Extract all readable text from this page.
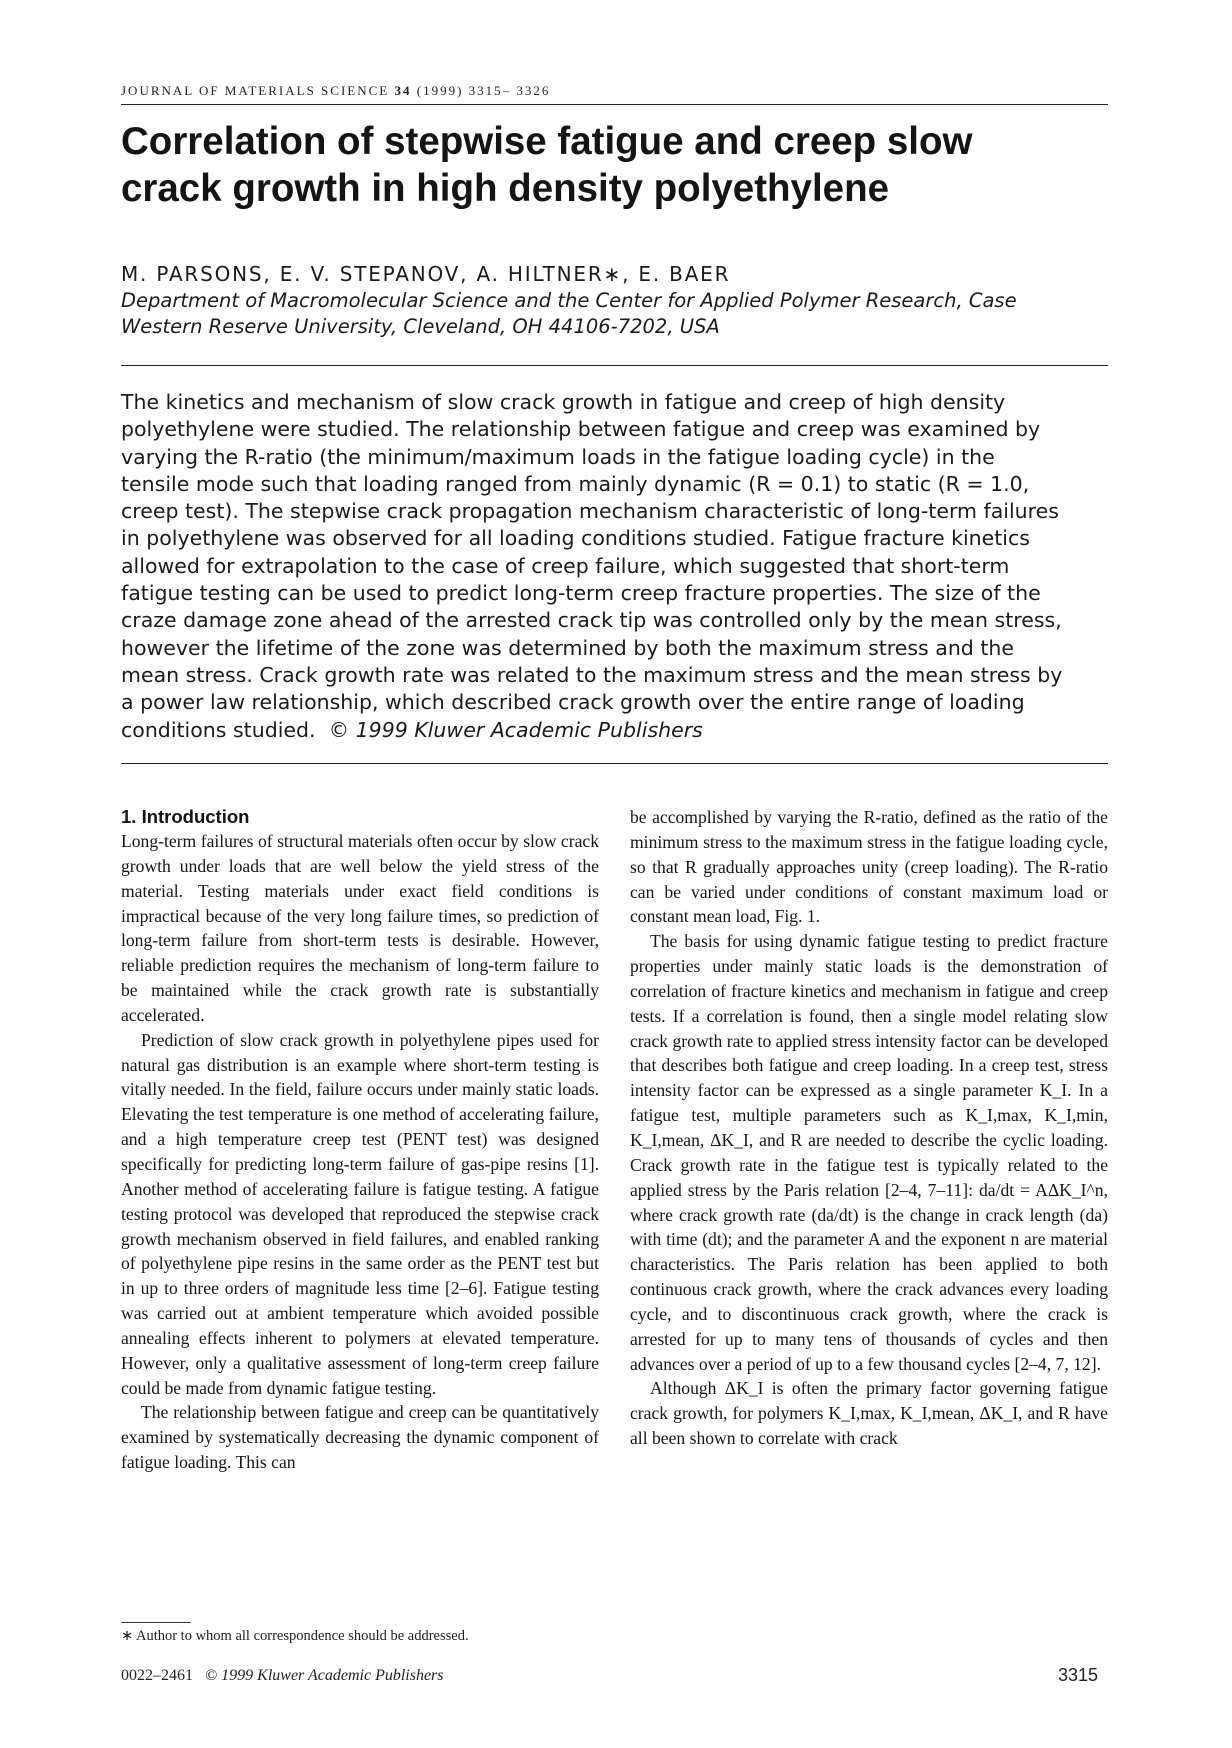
JOURNAL OF MATERIALS SCIENCE 34 (1999) 3315– 3326
Correlation of stepwise fatigue and creep slow
crack growth in high density polyethylene
M. PARSONS, E. V. STEPANOV, A. HILTNER∗, E. BAER
Department of Macromolecular Science and the Center for Applied Polymer Research, Case
Western Reserve University, Cleveland, OH 44106-7202, USA
The kinetics and mechanism of slow crack growth in fatigue and creep of high density
polyethylene were studied. The relationship between fatigue and creep was examined by
varying the R-ratio (the minimum/maximum loads in the fatigue loading cycle) in the
tensile mode such that loading ranged from mainly dynamic (R = 0.1) to static (R = 1.0,
creep test). The stepwise crack propagation mechanism characteristic of long-term failures
in polyethylene was observed for all loading conditions studied. Fatigue fracture kinetics
allowed for extrapolation to the case of creep failure, which suggested that short-term
fatigue testing can be used to predict long-term creep fracture properties. The size of the
craze damage zone ahead of the arrested crack tip was controlled only by the mean stress,
however the lifetime of the zone was determined by both the maximum stress and the
mean stress. Crack growth rate was related to the maximum stress and the mean stress by
a power law relationship, which described crack growth over the entire range of loading
conditions studied. © 1999 Kluwer Academic Publishers
1. Introduction

Long-term failures of structural materials often occur by slow crack growth under loads that are well below the yield stress of the material. Testing materials under exact field conditions is impractical because of the very long failure times, so prediction of long-term failure from short-term tests is desirable. However, reliable prediction requires the mechanism of long-term failure to be maintained while the crack growth rate is substantially accelerated.

Prediction of slow crack growth in polyethylene pipes used for natural gas distribution is an example where short-term testing is vitally needed. In the field, failure occurs under mainly static loads. Elevating the test temperature is one method of accelerating failure, and a high temperature creep test (PENT test) was designed specifically for predicting long-term failure of gas-pipe resins [1]. Another method of accelerating failure is fatigue testing. A fatigue testing protocol was developed that reproduced the stepwise crack growth mechanism observed in field failures, and enabled ranking of polyethylene pipe resins in the same order as the PENT test but in up to three orders of magnitude less time [2–6]. Fatigue testing was carried out at ambient temperature which avoided possible annealing effects inherent to polymers at elevated temperature. However, only a qualitative assessment of long-term creep failure could be made from dynamic fatigue testing.

The relationship between fatigue and creep can be quantitatively examined by systematically decreasing the dynamic component of fatigue loading. This can

be accomplished by varying the R-ratio, defined as the ratio of the minimum stress to the maximum stress in the fatigue loading cycle, so that R gradually approaches unity (creep loading). The R-ratio can be varied under conditions of constant maximum load or constant mean load, Fig. 1.

The basis for using dynamic fatigue testing to predict fracture properties under mainly static loads is the demonstration of correlation of fracture kinetics and mechanism in fatigue and creep tests. If a correlation is found, then a single model relating slow crack growth rate to applied stress intensity factor can be developed that describes both fatigue and creep loading. In a creep test, stress intensity factor can be expressed as a single parameter K_I. In a fatigue test, multiple parameters such as K_I,max, K_I,min, K_I,mean, ΔK_I, and R are needed to describe the cyclic loading. Crack growth rate in the fatigue test is typically related to the applied stress by the Paris relation [2–4, 7–11]: da/dt = AΔK_I^n, where crack growth rate (da/dt) is the change in crack length (da) with time (dt); and the parameter A and the exponent n are material characteristics. The Paris relation has been applied to both continuous crack growth, where the crack advances every loading cycle, and to discontinuous crack growth, where the crack is arrested for up to many tens of thousands of cycles and then advances over a period of up to a few thousand cycles [2–4, 7, 12].

Although ΔK_I is often the primary factor governing fatigue crack growth, for polymers K_I,max, K_I,mean, ΔK_I, and R have all been shown to correlate with crack

∗ Author to whom all correspondence should be addressed.
0022–2461 © 1999 Kluwer Academic Publishers	3315
